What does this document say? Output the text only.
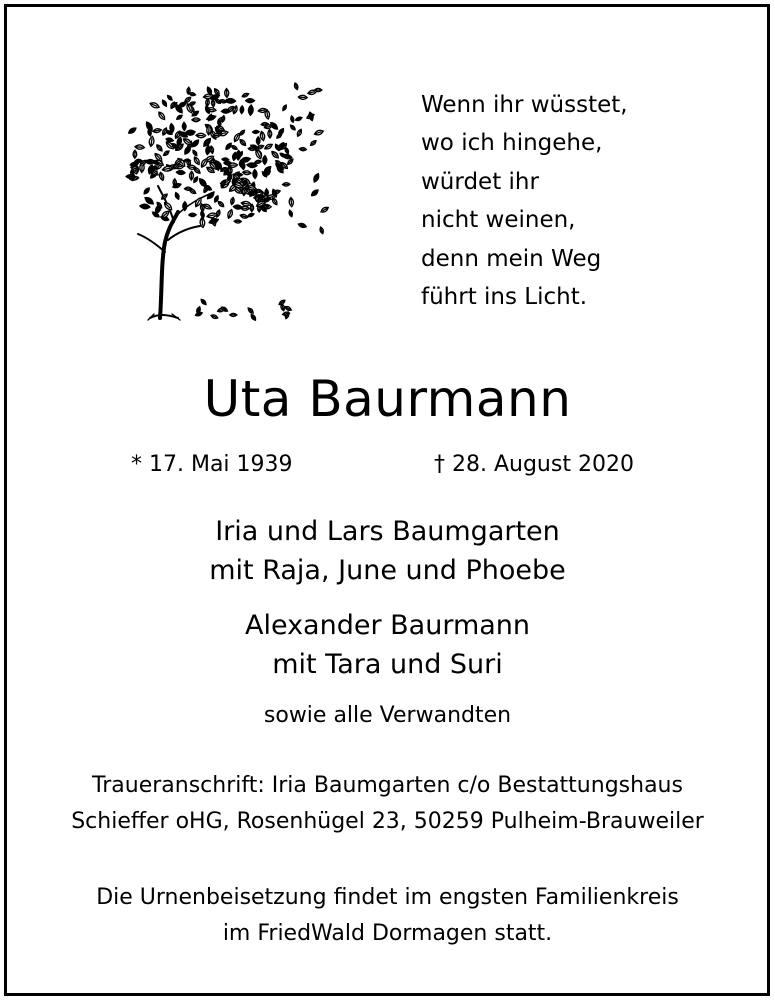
Wenn ihr wüsstet,
wo ich hingehe,
würdet ihr
nicht weinen,
denn mein Weg
führt ins Licht.
Uta Baurmann
* 17. Mai 1939	† 28. August 2020
Iria und Lars Baumgarten
mit Raja, June und Phoebe
Alexander Baurmann
mit Tara und Suri
sowie alle Verwandten
Traueranschrift: Iria Baumgarten c/o Bestattungshaus
Schieffer oHG, Rosenhügel 23, 50259 Pulheim-Brauweiler
Die Urnenbeisetzung findet im engsten Familienkreis
im FriedWald Dormagen statt.
